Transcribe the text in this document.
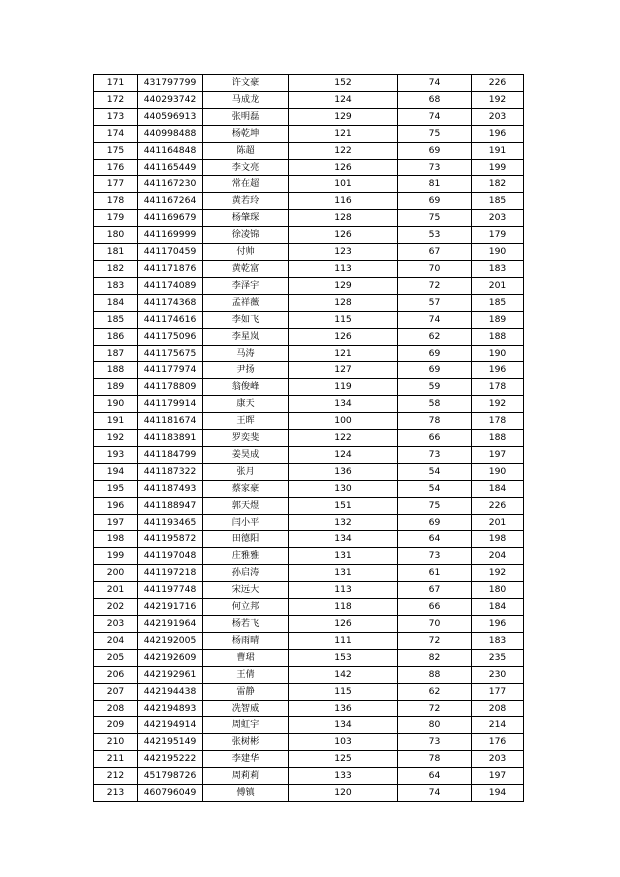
171	431797799	许文豪	152	74	226
172	440293742	马成龙	124	68	192
173	440596913	张明磊	129	74	203
174	440998488	杨乾坤	121	75	196
175	441164848	陈超	122	69	191
176	441165449	李文亮	126	73	199
177	441167230	常在超	101	81	182
178	441167264	黄若玲	116	69	185
179	441169679	杨肇琛	128	75	203
180	441169999	徐凌锦	126	53	179
181	441170459	付帅	123	67	190
182	441171876	黄乾富	113	70	183
183	441174089	李泽宇	129	72	201
184	441174368	孟祥薇	128	57	185
185	441174616	李如飞	115	74	189
186	441175096	李星岚	126	62	188
187	441175675	马涛	121	69	190
188	441177974	尹扬	127	69	196
189	441178809	翁俊峰	119	59	178
190	441179914	康天	134	58	192
191	441181674	王晖	100	78	178
192	441183891	罗奕斐	122	66	188
193	441184799	姜昊成	124	73	197
194	441187322	张月	136	54	190
195	441187493	蔡家豪	130	54	184
196	441188947	郭天煜	151	75	226
197	441193465	闫小平	132	69	201
198	441195872	田德阳	134	64	198
199	441197048	庄雅雅	131	73	204
200	441197218	孙启涛	131	61	192
201	441197748	宋远大	113	67	180
202	442191716	何立邦	118	66	184
203	442191964	杨若飞	126	70	196
204	442192005	杨雨晴	111	72	183
205	442192609	曹珺	153	82	235
206	442192961	王倩	142	88	230
207	442194438	雷静	115	62	177
208	442194893	冼智威	136	72	208
209	442194914	周虹宇	134	80	214
210	442195149	张树彬	103	73	176
211	442195222	李建华	125	78	203
212	451798726	周莉莉	133	64	197
213	460796049	傅镇	120	74	194
